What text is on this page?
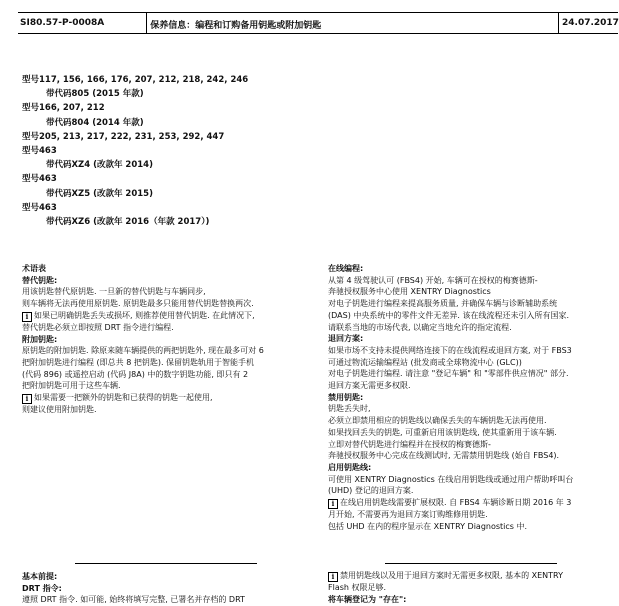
SI80.57-P-0008A	保养信息：编程和订购备用钥匙或附加钥匙	24.07.2017
型号117, 156, 166, 176, 207, 212, 218, 242, 246
带代码805 (2015 年款)
型号166, 207, 212
带代码804 (2014 年款)
型号205, 213, 217, 222, 231, 253, 292, 447
型号463
带代码XZ4 (改款年 2014)
型号463
带代码XZ5 (改款年 2015)
型号463
带代码XZ6 (改款年 2016（年款 2017）)
术语表
替代钥匙:
用该钥匙替代原钥匙. 一旦新的替代钥匙与车辆同步,
则车辆将无法再使用原钥匙. 原钥匙最多只能用替代钥匙替换两次.
i 如果已明确钥匙丢失或损坏, 则推荐使用替代钥匙. 在此情况下,
替代钥匙必须立即按照 DRT 指令进行编程.
附加钥匙:
原钥匙的附加钥匙. 除原来随车辆提供的两把钥匙外, 现在最多可对 6
把附加钥匙进行编程 (即总共 8 把钥匙). 保留钥匙轨用于智能手机
(代码 896) 或遥控启动 (代码 J8A) 中的数字钥匙功能, 即只有 2
把附加钥匙可用于这些车辆.
i 如果需要一把额外的钥匙和已获得的钥匙一起使用,
则建议使用附加钥匙.
在线编程:
从第 4 级驾驶认可 (FBS4) 开始, 车辆可在授权的梅赛德斯-
奔驰授权服务中心使用 XENTRY Diagnostics
对电子钥匙进行编程来提高服务质量, 并确保车辆与诊断辅助系统
(DAS) 中央系统中的零件文件无差异. 该在线流程还未引入所有国家.
请联系当地的市场代表, 以确定当地允许的指定流程.
退回方案:
如果市场不支持未提供网络连接下的在线流程或退回方案, 对于 FBS3
可通过物流运输编程站 (批发商或全球物流中心 (GLC))
对电子钥匙进行编程. 请注意 "登记车辆" 和 "零部件供应情况" 部分.
退回方案无需更多权限.
禁用钥匙:
钥匙丢失时,
必须立即禁用相应的钥匙线以确保丢失的车辆钥匙无法再使用.
如果找回丢失的钥匙, 可重新启用该钥匙线, 使其重新用于该车辆.
立即对替代钥匙进行编程并在授权的梅赛德斯-
奔驰授权服务中心完成在线测试时, 无需禁用钥匙线 (始自 FBS4).
启用钥匙线:
可使用 XENTRY Diagnostics 在线启用钥匙线或通过用户帮助呼叫台
(UHD) 登记的退回方案.
i 在线启用钥匙线需要扩展权限. 自 FBS4 车辆诊断日期 2016 年 3
月开始, 不需要再为退回方案订购维修用钥匙.
包括 UHD 在内的程序显示在 XENTRY Diagnostics 中.
基本前提:
DRT 指令:
遵照 DRT 指令. 如可能, 始终将填写完整, 已署名并存档的 DRT
i 禁用钥匙线以及用于退回方案时无需更多权限, 基本的 XENTRY
Flash 权限足够.
将车辆登记为 "存在":
